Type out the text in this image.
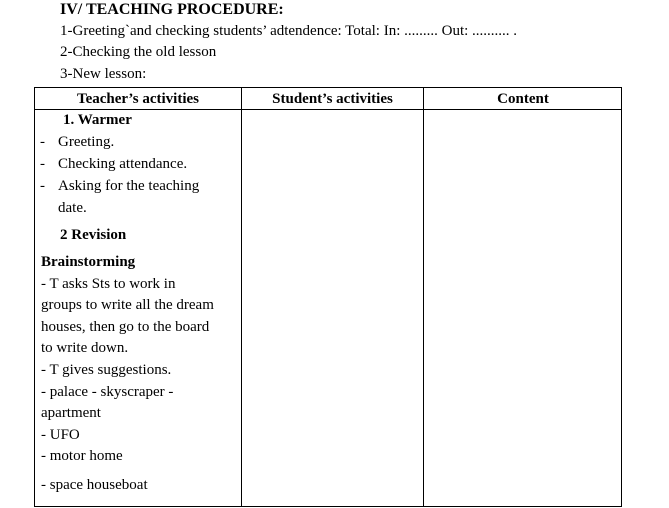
IV/ TEACHING PROCEDURE:
1-Greeting`and checking students’ adtendence: Total: In: ......... Out: .......... .
2-Checking the old lesson
3-New lesson:
Teacher’s activities	Student’s activities	Content
1. Warmer
- Greeting.
- Checking attendance.
- Asking for the teaching
date.
2 Revision
Brainstorming
- T asks Sts to work in
groups to write all the dream
houses, then go to the board
to write down.
- T gives suggestions.
- palace - skyscraper -
apartment
- UFO
- motor home
- space houseboat
